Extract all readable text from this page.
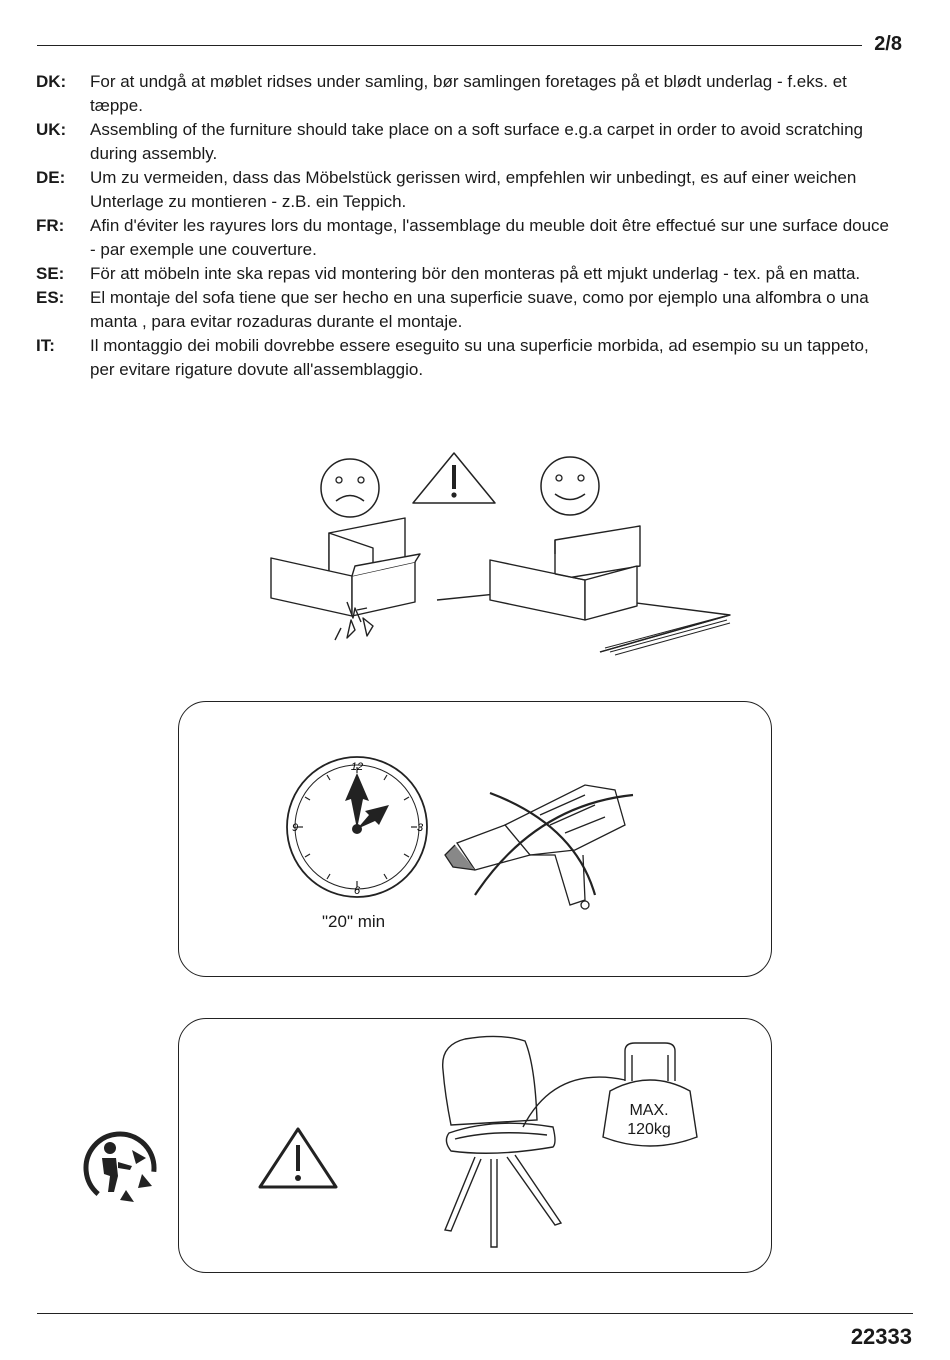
2/8
DK:	For at undgå at møblet ridses under samling, bør samlingen foretages på et blødt underlag - f.eks. et tæppe.
UK:	Assembling of the furniture should take place on a soft surface e.g.a carpet in order to avoid scratching during assembly.
DE:	Um zu vermeiden, dass das Möbelstück gerissen wird, empfehlen wir unbedingt, es auf einer weichen Unterlage zu montieren - z.B. ein Teppich.
FR:	Afin d'éviter les rayures lors du montage, l'assemblage du meuble doit être effectué sur une surface douce - par exemple une couverture.
SE:	För att möbeln inte ska repas vid montering bör den monteras på ett mjukt underlag - tex. på en matta.
ES:	El montaje del sofa tiene que ser hecho en una superficie suave, como por ejemplo una alfombra o una manta , para evitar rozaduras durante el montaje.
IT:	Il montaggio dei mobili dovrebbe essere eseguito su una superficie morbida, ad esempio su un tappeto, per evitare rigature dovute all'assemblaggio.
12
3
6
9
"20" min
MAX.
120kg
22333
